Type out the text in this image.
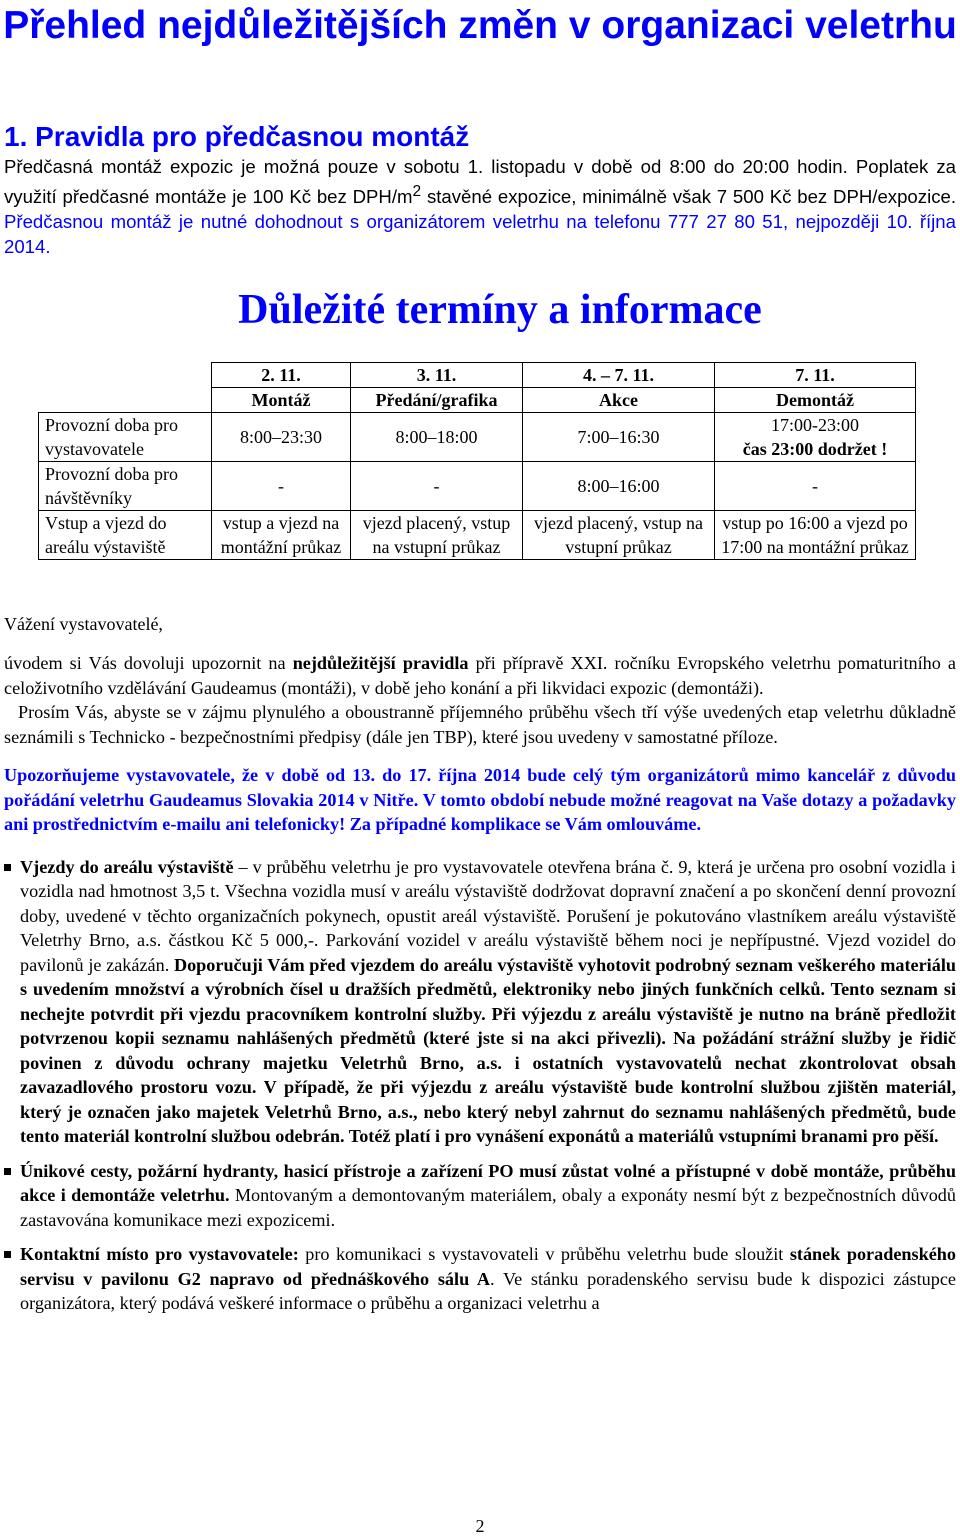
Přehled nejdůležitějších změn v organizaci veletrhu
1. Pravidla pro předčasnou montáž

Předčasná montáž expozic je možná pouze v sobotu 1. listopadu v době od 8:00 do 20:00 hodin. Poplatek za využití předčasné montáže je 100 Kč bez DPH/$m^2$ stavěné expozice, minimálně však 7 500 Kč bez DPH/expozice. Předčasnou montáž je nutné dohodnout s organizátorem veletrhu na telefonu 777 27 80 51, nejpozději 10. října 2014.

Důležité termíny a informace
	2. 11.	3. 11.	4. – 7. 11.	7. 11.
	Montáž	Předání/grafika	Akce	Demontáž
Provozní doba pro vystavovatele	8:00–23:30	8:00–18:00	7:00–16:30	17:00-23:00
čas 23:00 dodržet !

Provozní doba pro návštěvníky	-	-	8:00–16:00	-
Vstup a vjezd do areálu výstaviště	vstup a vjezd na montážní průkaz	vjezd placený, vstup na vstupní průkaz	vjezd placený, vstup na vstupní průkaz	vstup po 16:00 a vjezd po 17:00 na montážní průkaz

Vážení vystavovatelé,

úvodem si Vás dovoluji upozornit na nejdůležitější pravidla při přípravě XXI. ročníku Evropského veletrhu pomaturitního a celoživotního vzdělávání Gaudeamus (montáži), v době jeho konání a při likvidaci expozic (demontáži).

Prosím Vás, abyste se v zájmu plynulého a oboustranně příjemného průběhu všech tří výše uvedených etap veletrhu důkladně seznámili s Technicko - bezpečnostními předpisy (dále jen TBP), které jsou uvedeny v samostatné příloze.

Upozorňujeme vystavovatele, že v době od 13. do 17. října 2014 bude celý tým organizátorů mimo kancelář z důvodu pořádání veletrhu Gaudeamus Slovakia 2014 v Nitře. V tomto období nebude možné reagovat na Vaše dotazy a požadavky ani prostřednictvím e-mailu ani telefonicky! Za případné komplikace se Vám omlouváme.

Vjezdy do areálu výstaviště – v průběhu veletrhu je pro vystavovatele otevřena brána č. 9, která je určena pro osobní vozidla i vozidla nad hmotnost 3,5 t. Všechna vozidla musí v areálu výstaviště dodržovat dopravní značení a po skončení denní provozní doby, uvedené v těchto organizačních pokynech, opustit areál výstaviště. Porušení je pokutováno vlastníkem areálu výstaviště Veletrhy Brno, a.s. částkou Kč 5 000,-. Parkování vozidel v areálu výstaviště během noci je nepřípustné. Vjezd vozidel do pavilonů je zakázán. Doporučuji Vám před vjezdem do areálu výstaviště vyhotovit podrobný seznam veškerého materiálu s uvedením množství a výrobních čísel u dražších předmětů, elektroniky nebo jiných funkčních celků. Tento seznam si nechejte potvrdit při vjezdu pracovníkem kontrolní služby. Při výjezdu z areálu výstaviště je nutno na bráně předložit potvrzenou kopii seznamu nahlášených předmětů (které jste si na akci přivezli). Na požádání strážní služby je řidič povinen z důvodu ochrany majetku Veletrhů Brno, a.s. i ostatních vystavovatelů nechat zkontrolovat obsah zavazadlového prostoru vozu. V případě, že při výjezdu z areálu výstaviště bude kontrolní službou zjištěn materiál, který je označen jako majetek Veletrhů Brno, a.s., nebo který nebyl zahrnut do seznamu nahlášených předmětů, bude tento materiál kontrolní službou odebrán. Totéž platí i pro vynášení exponátů a materiálů vstupními branami pro pěší.
Únikové cesty, požární hydranty, hasicí přístroje a zařízení PO musí zůstat volné a přístupné v době montáže, průběhu akce i demontáže veletrhu. Montovaným a demontovaným materiálem, obaly a exponáty nesmí být z bezpečnostních důvodů zastavována komunikace mezi expozicemi.
Kontaktní místo pro vystavovatele: pro komunikaci s vystavovateli v průběhu veletrhu bude sloužit stánek poradenského servisu v pavilonu G2 napravo od přednáškového sálu A. Ve stánku poradenského servisu bude k dispozici zástupce organizátora, který podává veškeré informace o průběhu a organizaci veletrhu a
2
